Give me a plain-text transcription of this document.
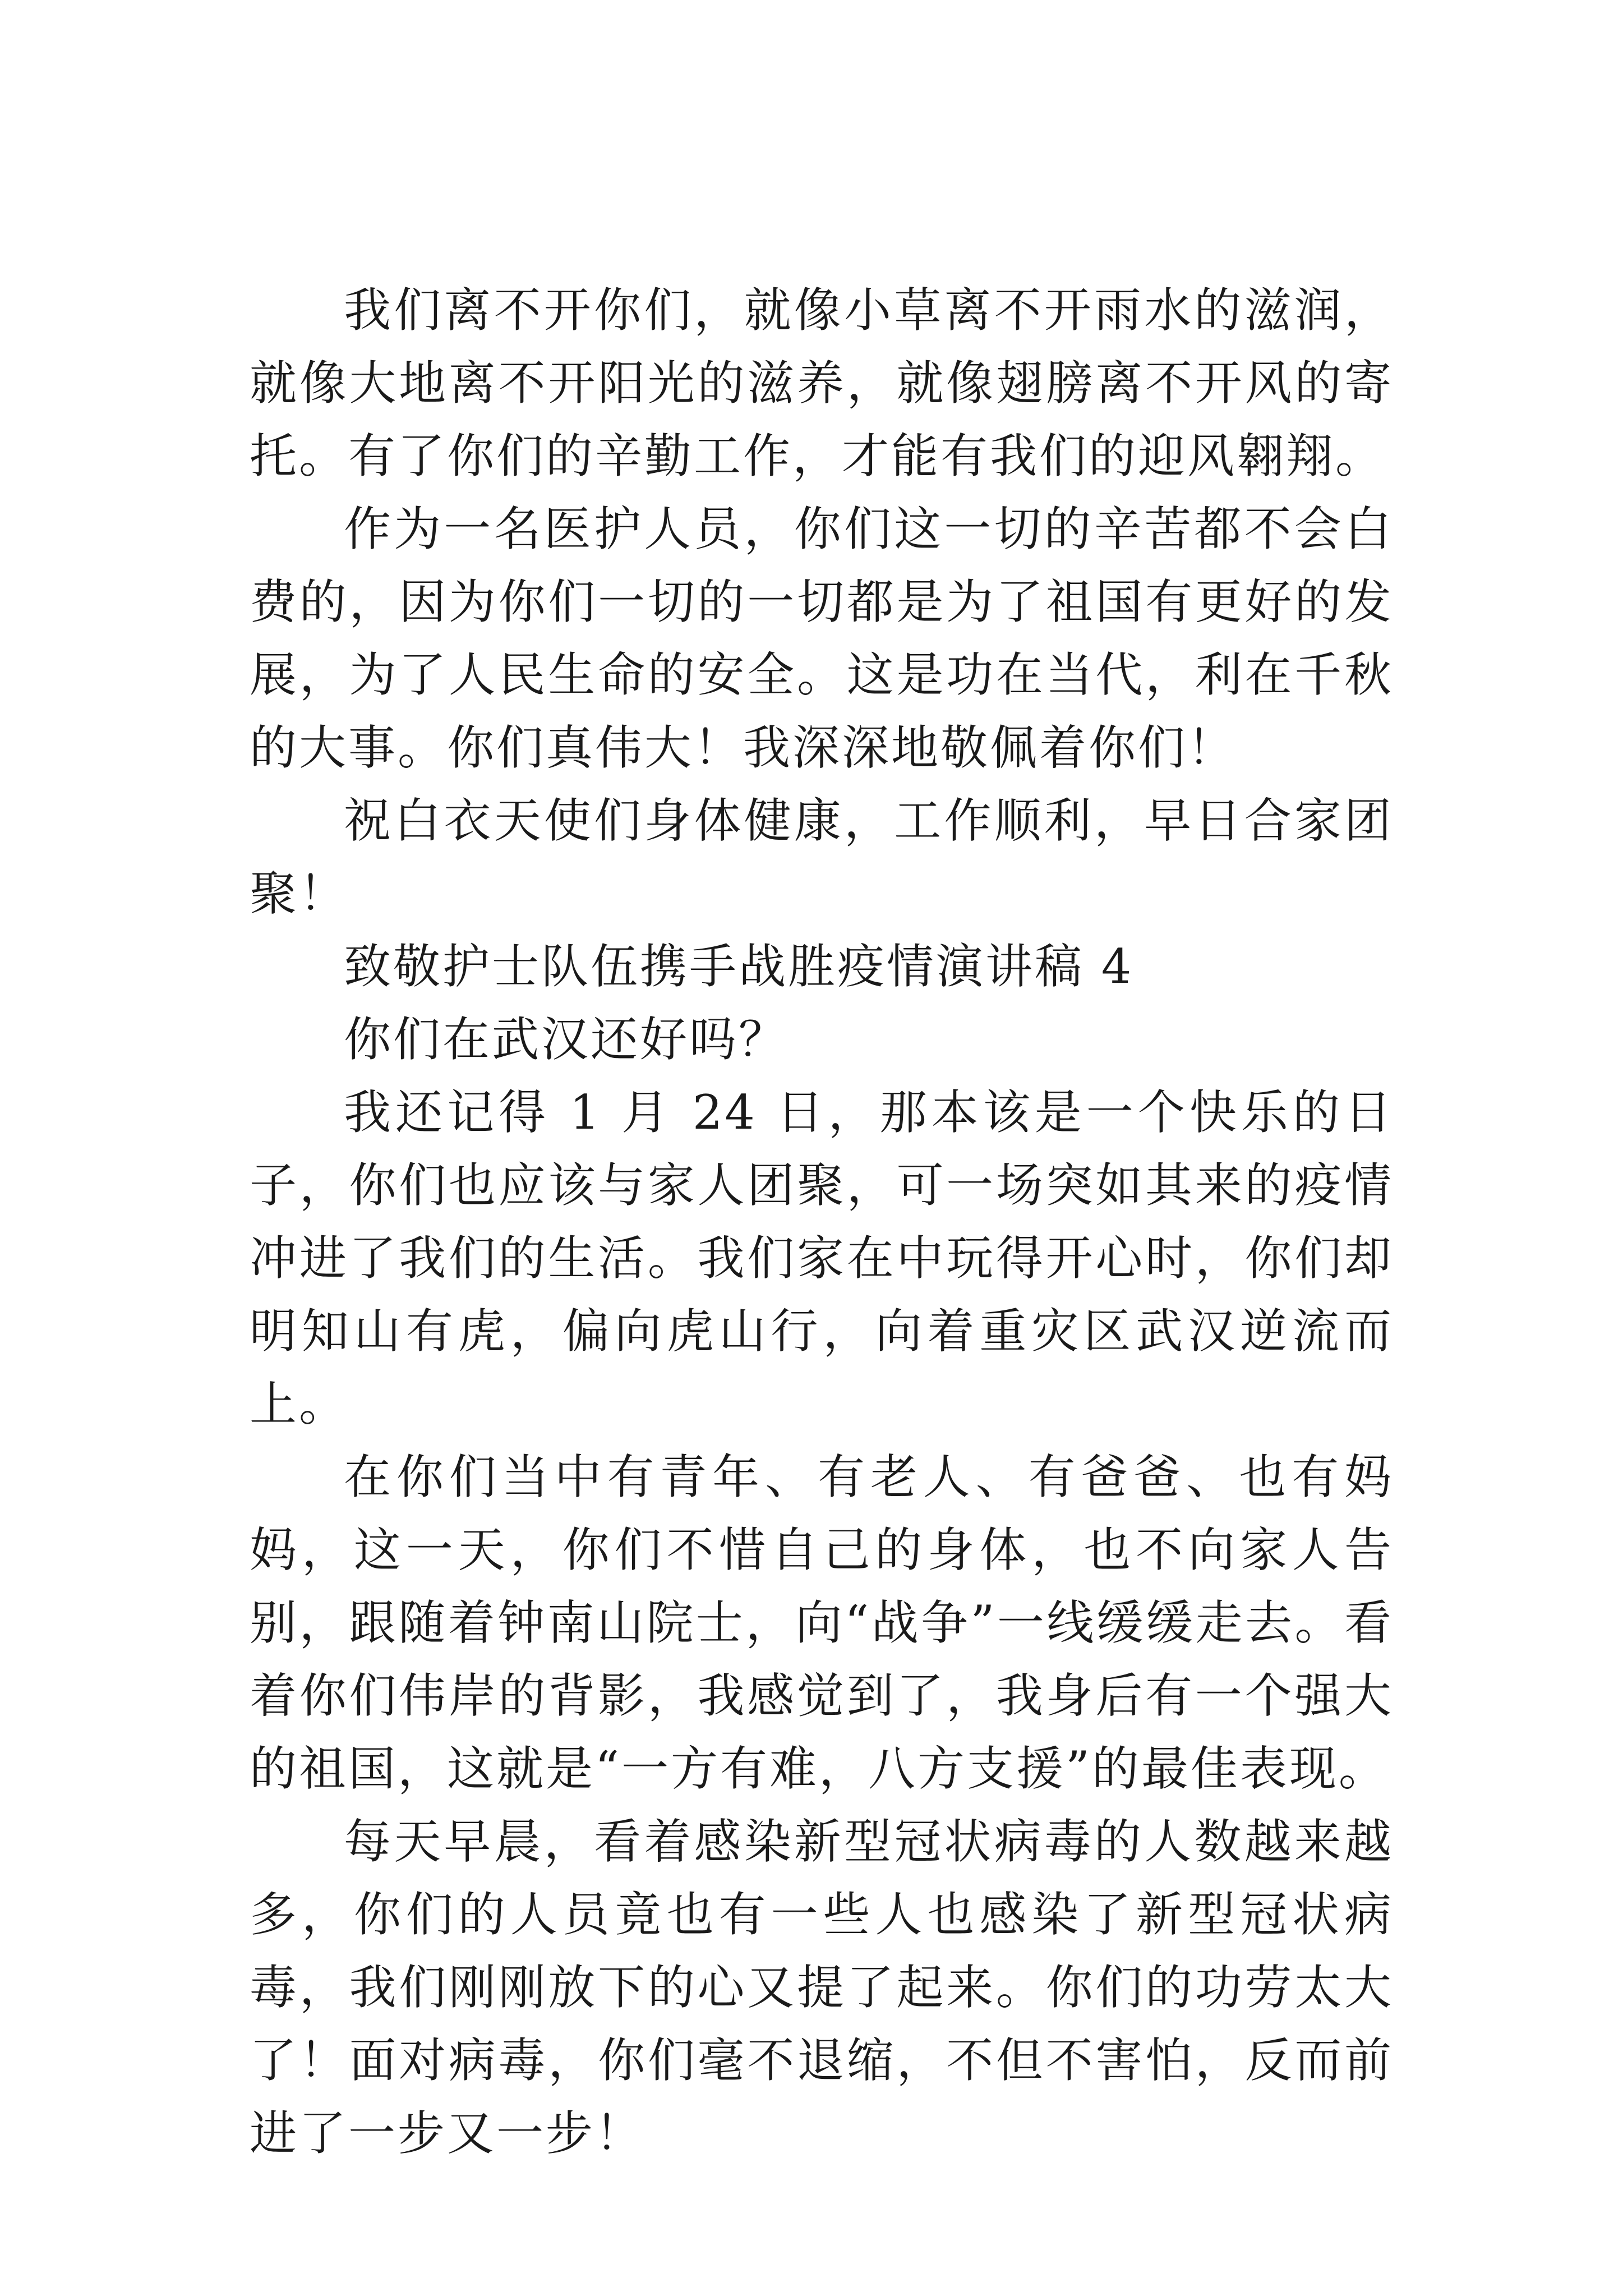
我们离不开你们，就像小草离不开雨水的滋润，就像大地离不开阳光的滋养，就像翅膀离不开风的寄托。有了你们的辛勤工作，才能有我们的迎风翱翔。

作为一名医护人员，你们这一切的辛苦都不会白费的，因为你们一切的一切都是为了祖国有更好的发展，为了人民生命的安全。这是功在当代，利在千秋的大事。你们真伟大！我深深地敬佩着你们！

祝白衣天使们身体健康，工作顺利，早日合家团聚！

致敬护士队伍携手战胜疫情演讲稿 4

你们在武汉还好吗？

我还记得 1 月 24 日，那本该是一个快乐的日子，你们也应该与家人团聚，可一场突如其来的疫情冲进了我们的生活。我们家在中玩得开心时，你们却明知山有虎，偏向虎山行，向着重灾区武汉逆流而上。

在你们当中有青年、有老人、有爸爸、也有妈妈，这一天，你们不惜自己的身体，也不向家人告别，跟随着钟南山院士，向“战争”一线缓缓走去。看着你们伟岸的背影，我感觉到了，我身后有一个强大的祖国，这就是“一方有难，八方支援”的最佳表现。

每天早晨，看着感染新型冠状病毒的人数越来越多，你们的人员竟也有一些人也感染了新型冠状病毒，我们刚刚放下的心又提了起来。你们的功劳太大了！面对病毒，你们毫不退缩，不但不害怕，反而前进了一步又一步！
